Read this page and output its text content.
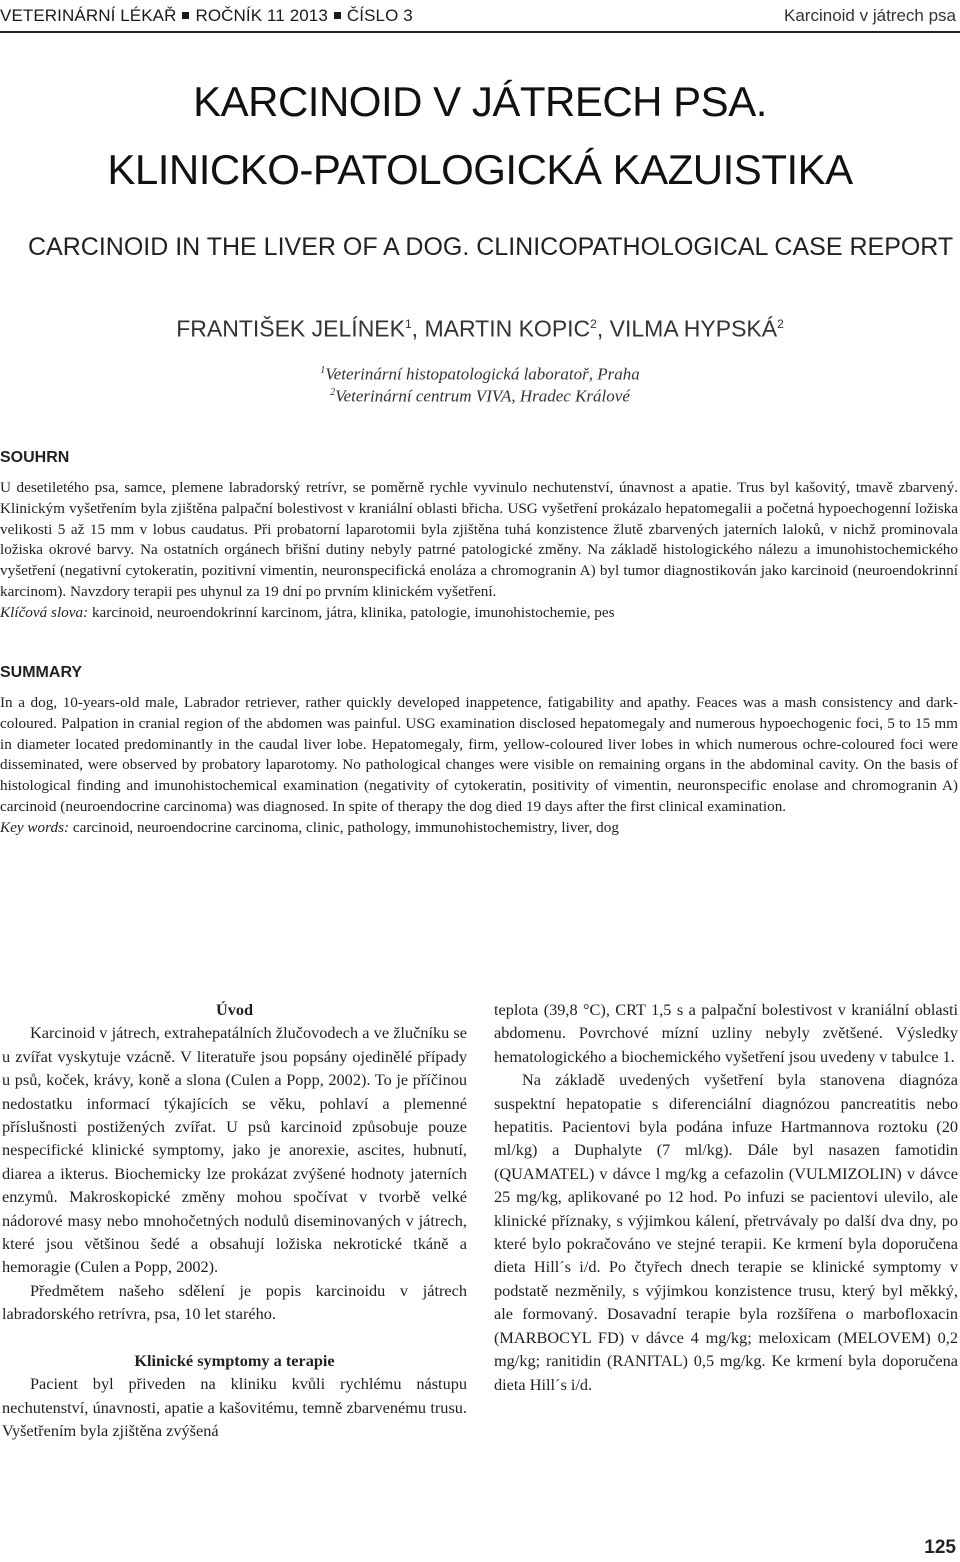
VETERINÁRNÍ LÉKAŘ ROČNÍK 11 2013 ČÍSLO 3	Karcinoid v játrech psa
KARCINOID V JÁTRECH PSA.
KLINICKO-PATOLOGICKÁ KAZUISTIKA
CARCINOID IN THE LIVER OF A DOG. CLINICOPATHOLOGICAL CASE REPORT
FRANTIŠEK JELÍNEK$^1$, MARTIN KOPIC$^2$, VILMA HYPSKÁ$^2$
$^1$Veterinární histopatologická laboratoř, Praha
$^2$Veterinární centrum VIVA, Hradec Králové
SOUHRN

U desetiletého psa, samce, plemene labradorský retrívr, se poměrně rychle vyvinulo nechutenství, únavnost a apatie. Trus byl kašovitý, tmavě zbarvený. Klinickým vyšetřením byla zjištěna palpační bolestivost v kraniální oblasti břicha. USG vyšetření prokázalo hepatomegalii a početná hypoechogenní ložiska velikosti 5 až 15 mm v lobus caudatus. Při probatorní laparotomii byla zjištěna tuhá konzistence žlutě zbarvených jaterních laloků, v nichž prominovala ložiska okrové barvy. Na ostatních orgánech břišní dutiny nebyly patrné patologické změny. Na základě histologického nálezu a imunohistochemického vyšetření (negativní cytokeratin, pozitivní vimentin, neuronspecifická enoláza a chromogranin A) byl tumor diagnostikován jako karcinoid (neuroendokrinní karcinom). Navzdory terapii pes uhynul za 19 dní po prvním klinickém vyšetření.

Klíčová slova: karcinoid, neuroendokrinní karcinom, játra, klinika, patologie, imunohistochemie, pes

SUMMARY

In a dog, 10-years-old male, Labrador retriever, rather quickly developed inappetence, fatigability and apathy. Feaces was a mash consistency and dark-coloured. Palpation in cranial region of the abdomen was painful. USG examination disclosed hepatomegaly and numerous hypoechogenic foci, 5 to 15 mm in diameter located predominantly in the caudal liver lobe. Hepatomegaly, firm, yellow-coloured liver lobes in which numerous ochre-coloured foci were disseminated, were observed by probatory laparotomy. No pathological changes were visible on remaining organs in the abdominal cavity. On the basis of histological finding and imunohistochemical examination (negativity of cytokeratin, positivity of vimentin, neuronspecific enolase and chromogranin A) carcinoid (neuroendocrine carcinoma) was diagnosed. In spite of therapy the dog died 19 days after the first clinical examination.

Key words: carcinoid, neuroendocrine carcinoma, clinic, pathology, immunohistochemistry, liver, dog

Úvod

Karcinoid v játrech, extrahepatálních žlučovodech a ve žlučníku se u zvířat vyskytuje vzácně. V literatuře jsou popsány ojedinělé případy u psů, koček, krávy, koně a slona (Culen a Popp, 2002). To je příčinou nedostatku informací týkajících se věku, pohlaví a plemenné příslušnosti postižených zvířat. U psů karcinoid způsobuje pouze nespecifické klinické symptomy, jako je anorexie, ascites, hubnutí, diarea a ikterus. Biochemicky lze prokázat zvýšené hodnoty jaterních enzymů. Makroskopické změny mohou spočívat v tvorbě velké nádorové masy nebo mnohočetných nodulů diseminovaných v játrech, které jsou většinou šedé a obsahují ložiska nekrotické tkáně a hemoragie (Culen a Popp, 2002).

Předmětem našeho sdělení je popis karcinoidu v játrech labradorského retrívra, psa, 10 let starého.

Klinické symptomy a terapie

Pacient byl přiveden na kliniku kvůli rychlému nástupu nechutenství, únavnosti, apatie a kašovitému, temně zbarvenému trusu. Vyšetřením byla zjištěna zvýšená

teplota (39,8 °C), CRT 1,5 s a palpační bolestivost v kraniální oblasti abdomenu. Povrchové mízní uzliny nebyly zvětšené. Výsledky hematologického a biochemického vyšetření jsou uvedeny v tabulce 1.

Na základě uvedených vyšetření byla stanovena diagnóza suspektní hepatopatie s diferenciální diagnózou pancreatitis nebo hepatitis. Pacientovi byla podána infuze Hartmannova roztoku (20 ml/kg) a Duphalyte (7 ml/kg). Dále byl nasazen famotidin (QUAMATEL) v dávce l mg/kg a cefazolin (VULMIZOLIN) v dávce 25 mg/kg, aplikované po 12 hod. Po infuzi se pacientovi ulevilo, ale klinické příznaky, s výjimkou kálení, přetrvávaly po další dva dny, po které bylo pokračováno ve stejné terapii. Ke krmení byla doporučena dieta Hill´s i/d. Po čtyřech dnech terapie se klinické symptomy v podstatě nezměnily, s výjimkou konzistence trusu, který byl měkký, ale formovaný. Dosavadní terapie byla rozšířena o marbofloxacin (MARBOCYL FD) v dávce 4 mg/kg; meloxicam (MELOVEM) 0,2 mg/kg; ranitidin (RANITAL) 0,5 mg/kg. Ke krmení byla doporučena dieta Hill´s i/d.

125
